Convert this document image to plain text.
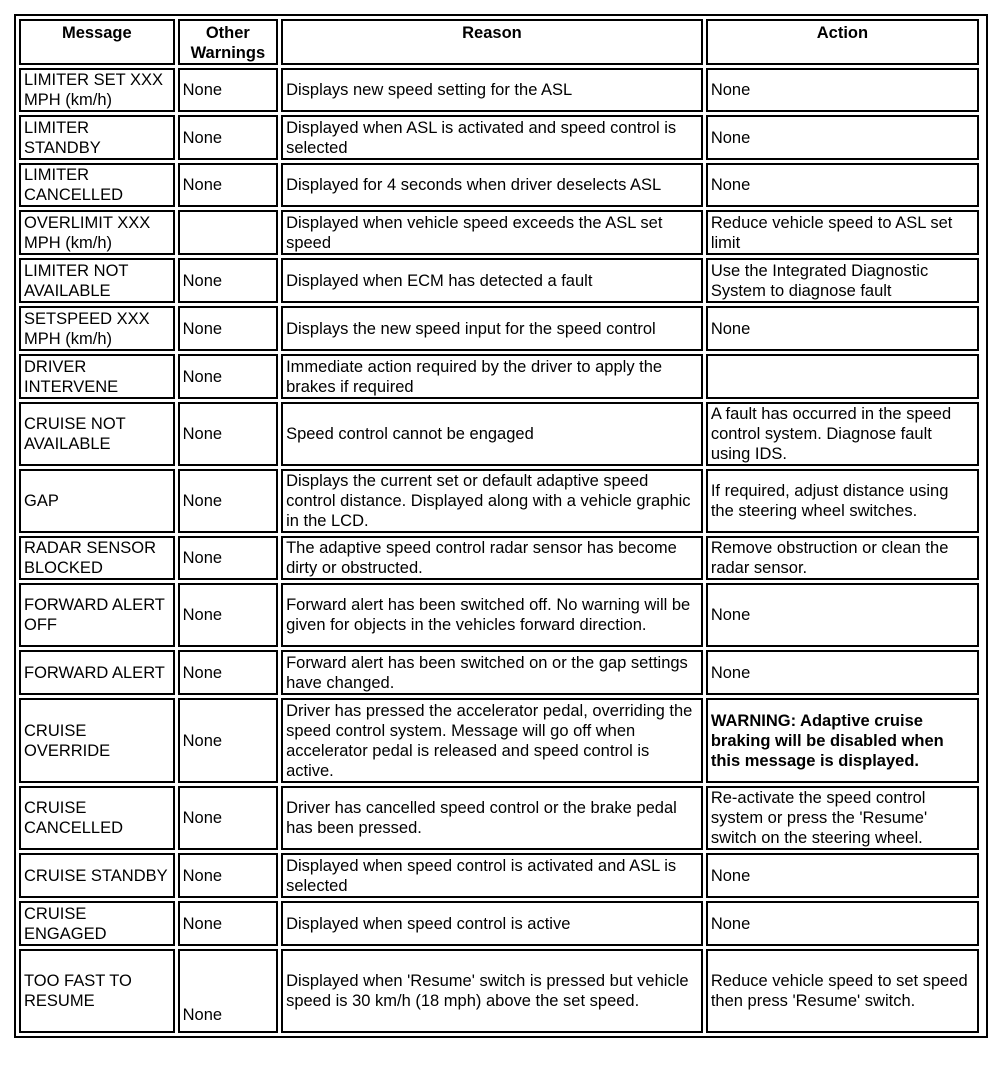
Message	Other Warnings	Reason	Action
LIMITER SET XXX MPH (km/h)	None	Displays new speed setting for the ASL	None
LIMITER STANDBY	None	Displayed when ASL is activated and speed control is selected	None
LIMITER CANCELLED	None	Displayed for 4 seconds when driver deselects ASL	None
OVERLIMIT XXX MPH (km/h)		Displayed when vehicle speed exceeds the ASL set speed	Reduce vehicle speed to ASL set limit
LIMITER NOT AVAILABLE	None	Displayed when ECM has detected a fault	Use the Integrated Diagnostic System to diagnose fault
SETSPEED XXX MPH (km/h)	None	Displays the new speed input for the speed control	None
DRIVER INTERVENE	None	Immediate action required by the driver to apply the brakes if required	
CRUISE NOT AVAILABLE	None	Speed control cannot be engaged	A fault has occurred in the speed control system. Diagnose fault using IDS.
GAP	None	Displays the current set or default adaptive speed control distance. Displayed along with a vehicle graphic in the LCD.	If required, adjust distance using the steering wheel switches.
RADAR SENSOR BLOCKED	None	The adaptive speed control radar sensor has become dirty or obstructed.	Remove obstruction or clean the radar sensor.
FORWARD ALERT OFF	None	Forward alert has been switched off. No warning will be given for objects in the vehicles forward direction.	None
FORWARD ALERT	None	Forward alert has been switched on or the gap settings have changed.	None
CRUISE OVERRIDE	None	Driver has pressed the accelerator pedal, overriding the speed control system. Message will go off when accelerator pedal is released and speed control is active.	WARNING: Adaptive cruise braking will be disabled when this message is displayed.
CRUISE CANCELLED	None	Driver has cancelled speed control or the brake pedal has been pressed.	Re-activate the speed control system or press the 'Resume' switch on the steering wheel.
CRUISE STANDBY	None	Displayed when speed control is activated and ASL is selected	None
CRUISE ENGAGED	None	Displayed when speed control is active	None
TOO FAST TO RESUME	None	Displayed when 'Resume' switch is pressed but vehicle speed is 30 km/h (18 mph) above the set speed.	Reduce vehicle speed to set speed then press 'Resume' switch.
